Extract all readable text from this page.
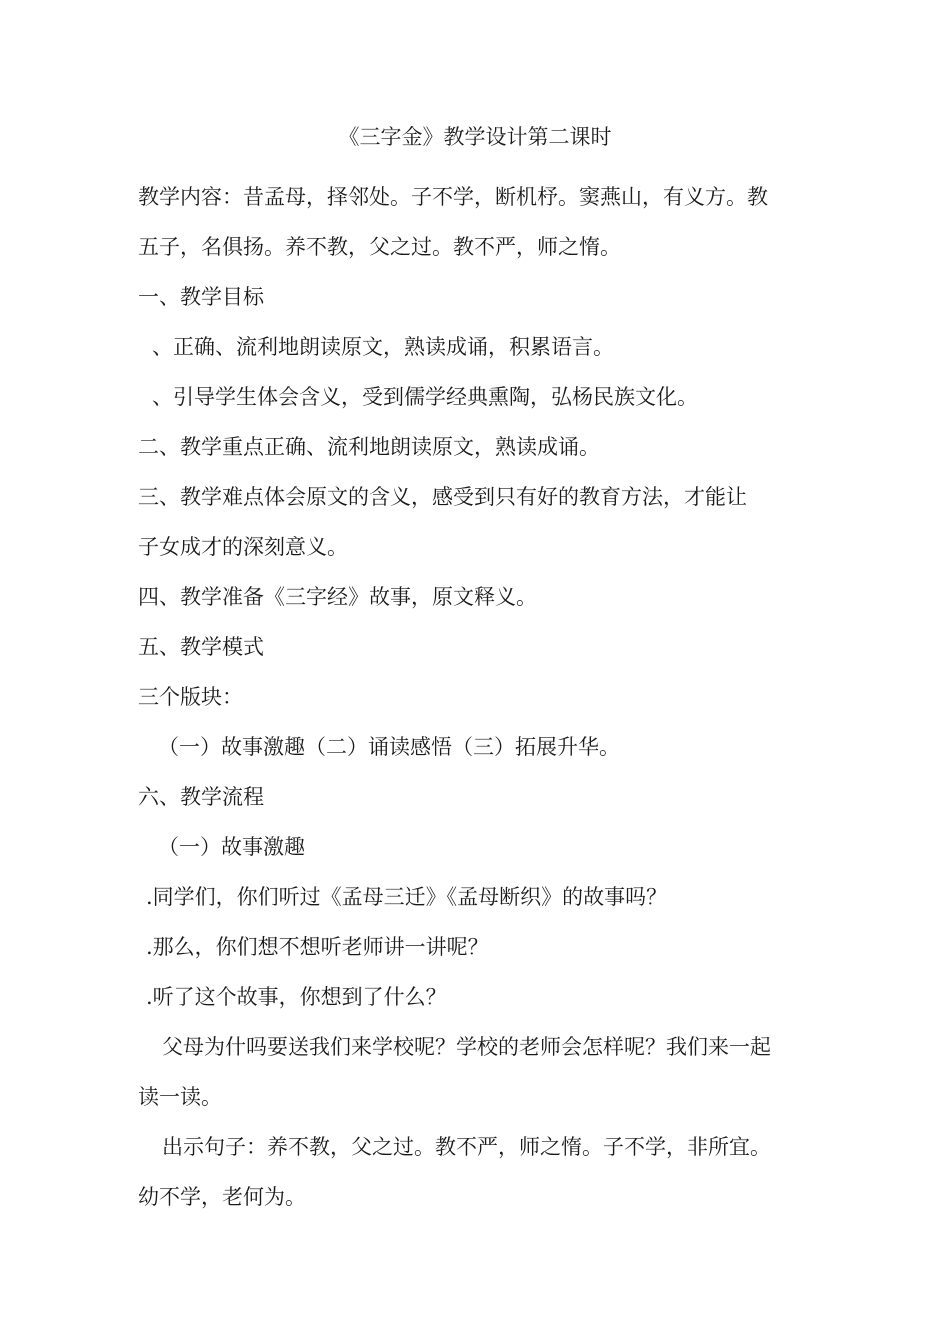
《三字金》教学设计第二课时
教学内容：昔孟母，择邻处。子不学，断机杼。窦燕山，有义方。教
五子，名俱扬。养不教，父之过。教不严，师之惰。
一、教学目标
、正确、流利地朗读原文，熟读成诵，积累语言。
、引导学生体会含义，受到儒学经典熏陶，弘杨民族文化。
二、教学重点正确、流利地朗读原文，熟读成诵。
三、教学难点体会原文的含义，感受到只有好的教育方法，才能让
子女成才的深刻意义。
四、教学准备《三字经》故事，原文释义。
五、教学模式
三个版块：
（一）故事激趣（二）诵读感悟（三）拓展升华。
六、教学流程
（一）故事激趣
.同学们，你们听过《孟母三迁》《孟母断织》的故事吗？
.那么，你们想不想听老师讲一讲呢？
.听了这个故事，你想到了什么？
父母为什吗要送我们来学校呢？学校的老师会怎样呢？我们来一起
读一读。
出示句子：养不教，父之过。教不严，师之惰。子不学，非所宜。
幼不学，老何为。
